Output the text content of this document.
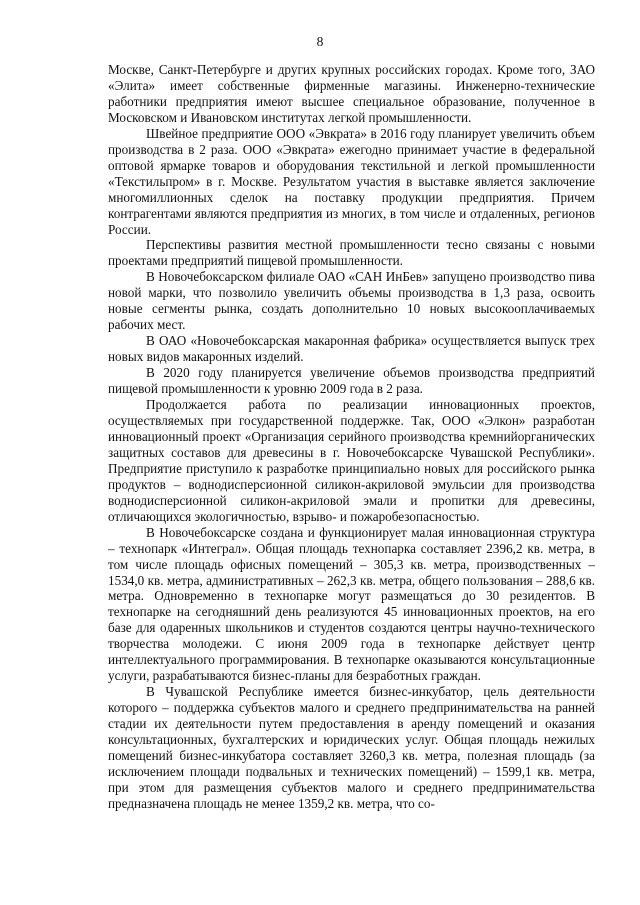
8

Москве, Санкт-Петербурге и других крупных российских городах. Кроме того, ЗАО «Элита» имеет собственные фирменные магазины. Инженерно-технические работники предприятия имеют высшее специальное образование, полученное в Московском и Ивановском институтах легкой промышленности.

Швейное предприятие ООО «Эвкрата» в 2016 году планирует увеличить объем производства в 2 раза. ООО «Эвкрата» ежегодно принимает участие в федеральной оптовой ярмарке товаров и оборудования текстильной и легкой промышленности «Текстильпром» в г. Москве. Результатом участия в выставке является заключение многомиллионных сделок на поставку продукции предприятия. Причем контрагентами являются предприятия из многих, в том числе и отдаленных, регионов России.

Перспективы развития местной промышленности тесно связаны с новыми проектами предприятий пищевой промышленности.

В Новочебоксарском филиале ОАО «САН ИнБев» запущено производство пива новой марки, что позволило увеличить объемы производства в 1,3 раза, освоить новые сегменты рынка, создать дополнительно 10 новых высокооплачиваемых рабочих мест.

В ОАО «Новочебоксарская макаронная фабрика» осуществляется выпуск трех новых видов макаронных изделий.

В 2020 году планируется увеличение объемов производства предприятий пищевой промышленности к уровню 2009 года в 2 раза.

Продолжается работа по реализации инновационных проектов, осуществляемых при государственной поддержке. Так, ООО «Элкон» разработан инновационный проект «Организация серийного производства кремнийорганических защитных составов для древесины в г. Новочебоксарске Чувашской Республики». Предприятие приступило к разработке принципиально новых для российского рынка продуктов – воднодисперсионной силикон-акриловой эмульсии для производства воднодисперсионной силикон-акриловой эмали и пропитки для древесины, отличающихся экологичностью, взрыво- и пожаробезопасностью.

В Новочебоксарске создана и функционирует малая инновационная структура – технопарк «Интеграл». Общая площадь технопарка составляет 2396,2 кв. метра, в том числе площадь офисных помещений – 305,3 кв. метра, производственных – 1534,0 кв. метра, административных – 262,3 кв. метра, общего пользования – 288,6 кв. метра. Одновременно в технопарке могут размещаться до 30 резидентов. В технопарке на сегодняшний день реализуются 45 инновационных проектов, на его базе для одаренных школьников и студентов создаются центры научно-технического творчества молодежи. С июня 2009 года в технопарке действует центр интеллектуального программирования. В технопарке оказываются консультационные услуги, разрабатываются бизнес-планы для безработных граждан.

В Чувашской Республике имеется бизнес-инкубатор, цель деятельности которого – поддержка субъектов малого и среднего предпринимательства на ранней стадии их деятельности путем предоставления в аренду помещений и оказания консультационных, бухгалтерских и юридических услуг. Общая площадь нежилых помещений бизнес-инкубатора составляет 3260,3 кв. метра, полезная площадь (за исключением площади подвальных и технических помещений) – 1599,1 кв. метра, при этом для размещения субъектов малого и среднего предпринимательства предназначена площадь не менее 1359,2 кв. метра, что со-
